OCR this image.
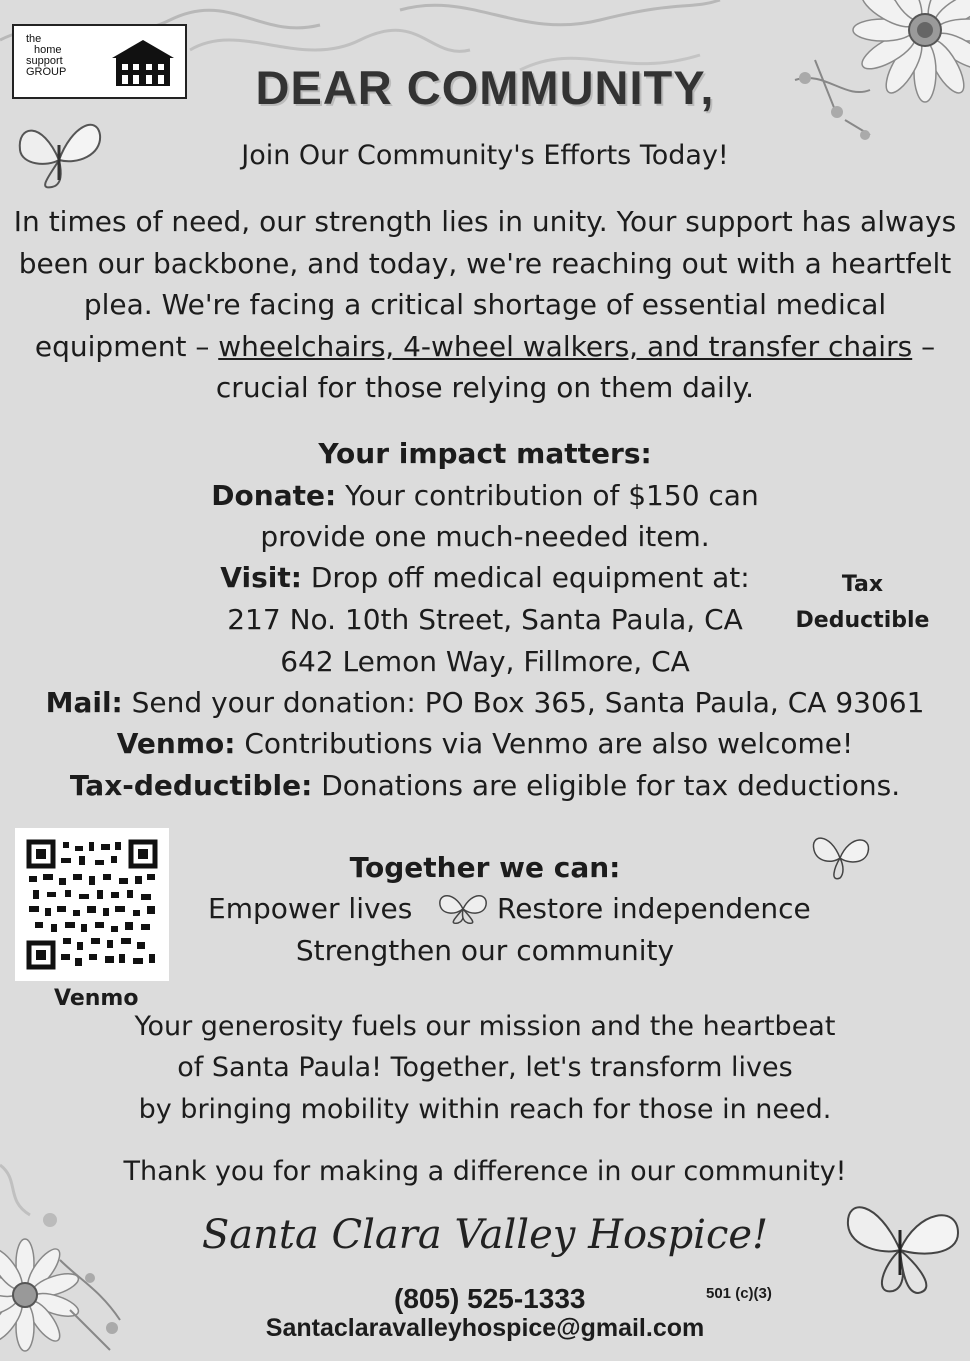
the
home
support
GROUP	DEAR COMMUNITY,
Join Our Community's Efforts Today!

In times of need, our strength lies in unity. Your support has always been our backbone, and today, we're reaching out with a heartfelt plea. We're facing a critical shortage of essential medical equipment – wheelchairs, 4-wheel walkers, and transfer chairs – crucial for those relying on them daily.

Your impact matters:
Donate: Your contribution of $150 can
provide one much-needed item.
Visit: Drop off medical equipment at:
217 No. 10th Street, Santa Paula, CA
642 Lemon Way, Fillmore, CA
Mail: Send your donation: PO Box 365, Santa Paula, CA 93061
Venmo: Contributions via Venmo are also welcome!
Tax-deductible: Donations are eligible for tax deductions.
Tax
Deductible
Venmo
Together we can:
Empower lives	Restore independence
Strengthen our community
Your generosity fuels our mission and the heartbeat
of Santa Paula! Together, let's transform lives
by bringing mobility within reach for those in need.
Thank you for making a difference in our community!
Santa Clara Valley Hospice!
(805) 525-1333	501 (c)(3)
Santaclaravalleyhospice@gmail.com
